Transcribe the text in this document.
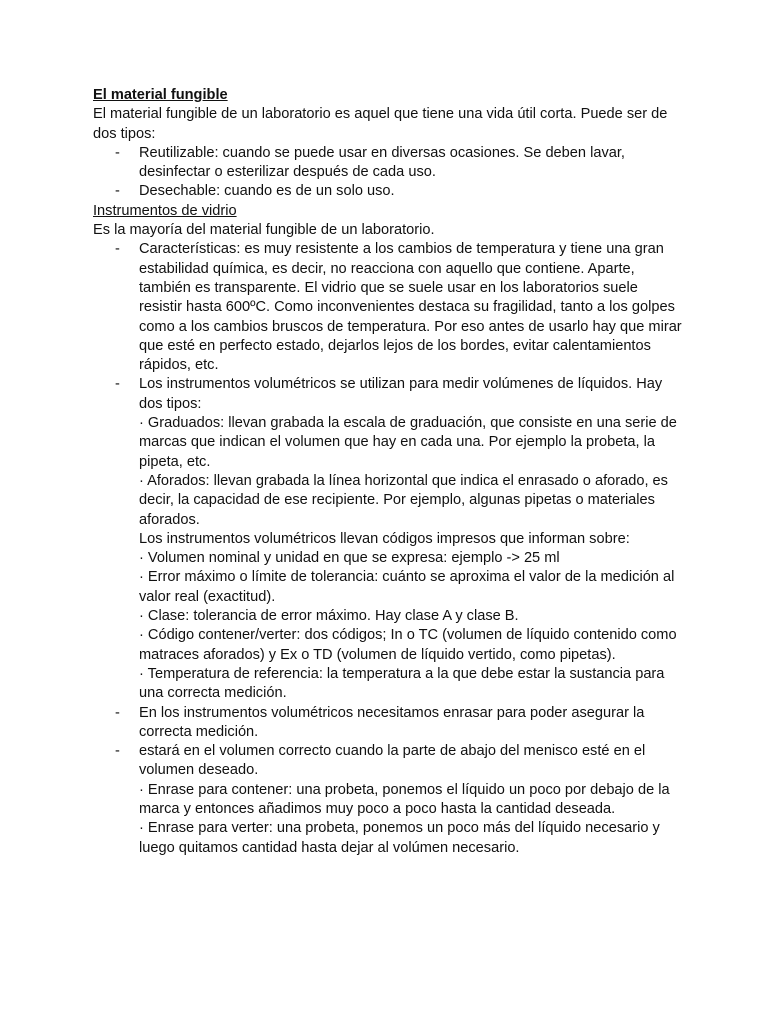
El material fungible

El material fungible de un laboratorio es aquel que tiene una vida útil corta. Puede ser de dos tipos:

- Reutilizable: cuando se puede usar en diversas ocasiones. Se deben lavar, desinfectar o esterilizar después de cada uso.
- Desechable: cuando es de un solo uso.
Instrumentos de vidrio

Es la mayoría del material fungible de un laboratorio.

- Características: es muy resistente a los cambios de temperatura y tiene una gran estabilidad química, es decir, no reacciona con aquello que contiene. Aparte, también es transparente. El vidrio que se suele usar en los laboratorios suele resistir hasta 600ºC. Como inconvenientes destaca su fragilidad, tanto a los golpes como a los cambios bruscos de temperatura. Por eso antes de usarlo hay que mirar que esté en perfecto estado, dejarlos lejos de los bordes, evitar calentamientos rápidos, etc.
- Los instrumentos volumétricos se utilizan para medir volúmenes de líquidos. Hay dos tipos:
· Graduados: llevan grabada la escala de graduación, que consiste en una serie de marcas que indican el volumen que hay en cada una. Por ejemplo la probeta, la pipeta, etc.
· Aforados: llevan grabada la línea horizontal que indica el enrasado o aforado, es decir, la capacidad de ese recipiente. Por ejemplo, algunas pipetas o materiales aforados.
Los instrumentos volumétricos llevan códigos impresos que informan sobre:
· Volumen nominal y unidad en que se expresa: ejemplo -> 25 ml
· Error máximo o límite de tolerancia: cuánto se aproxima el valor de la medición al valor real (exactitud).
· Clase: tolerancia de error máximo. Hay clase A y clase B.
· Código contener/verter: dos códigos; In o TC (volumen de líquido contenido como matraces aforados) y Ex o TD (volumen de líquido vertido, como pipetas).
· Temperatura de referencia: la temperatura a la que debe estar la sustancia para una correcta medición.
- En los instrumentos volumétricos necesitamos enrasar para poder asegurar la correcta medición.
- estará en el volumen correcto cuando la parte de abajo del menisco esté en el volumen deseado.
· Enrase para contener: una probeta, ponemos el líquido un poco por debajo de la marca y entonces añadimos muy poco a poco hasta la cantidad deseada.
· Enrase para verter: una probeta, ponemos un poco más del líquido necesario y luego quitamos cantidad hasta dejar al volúmen necesario.
